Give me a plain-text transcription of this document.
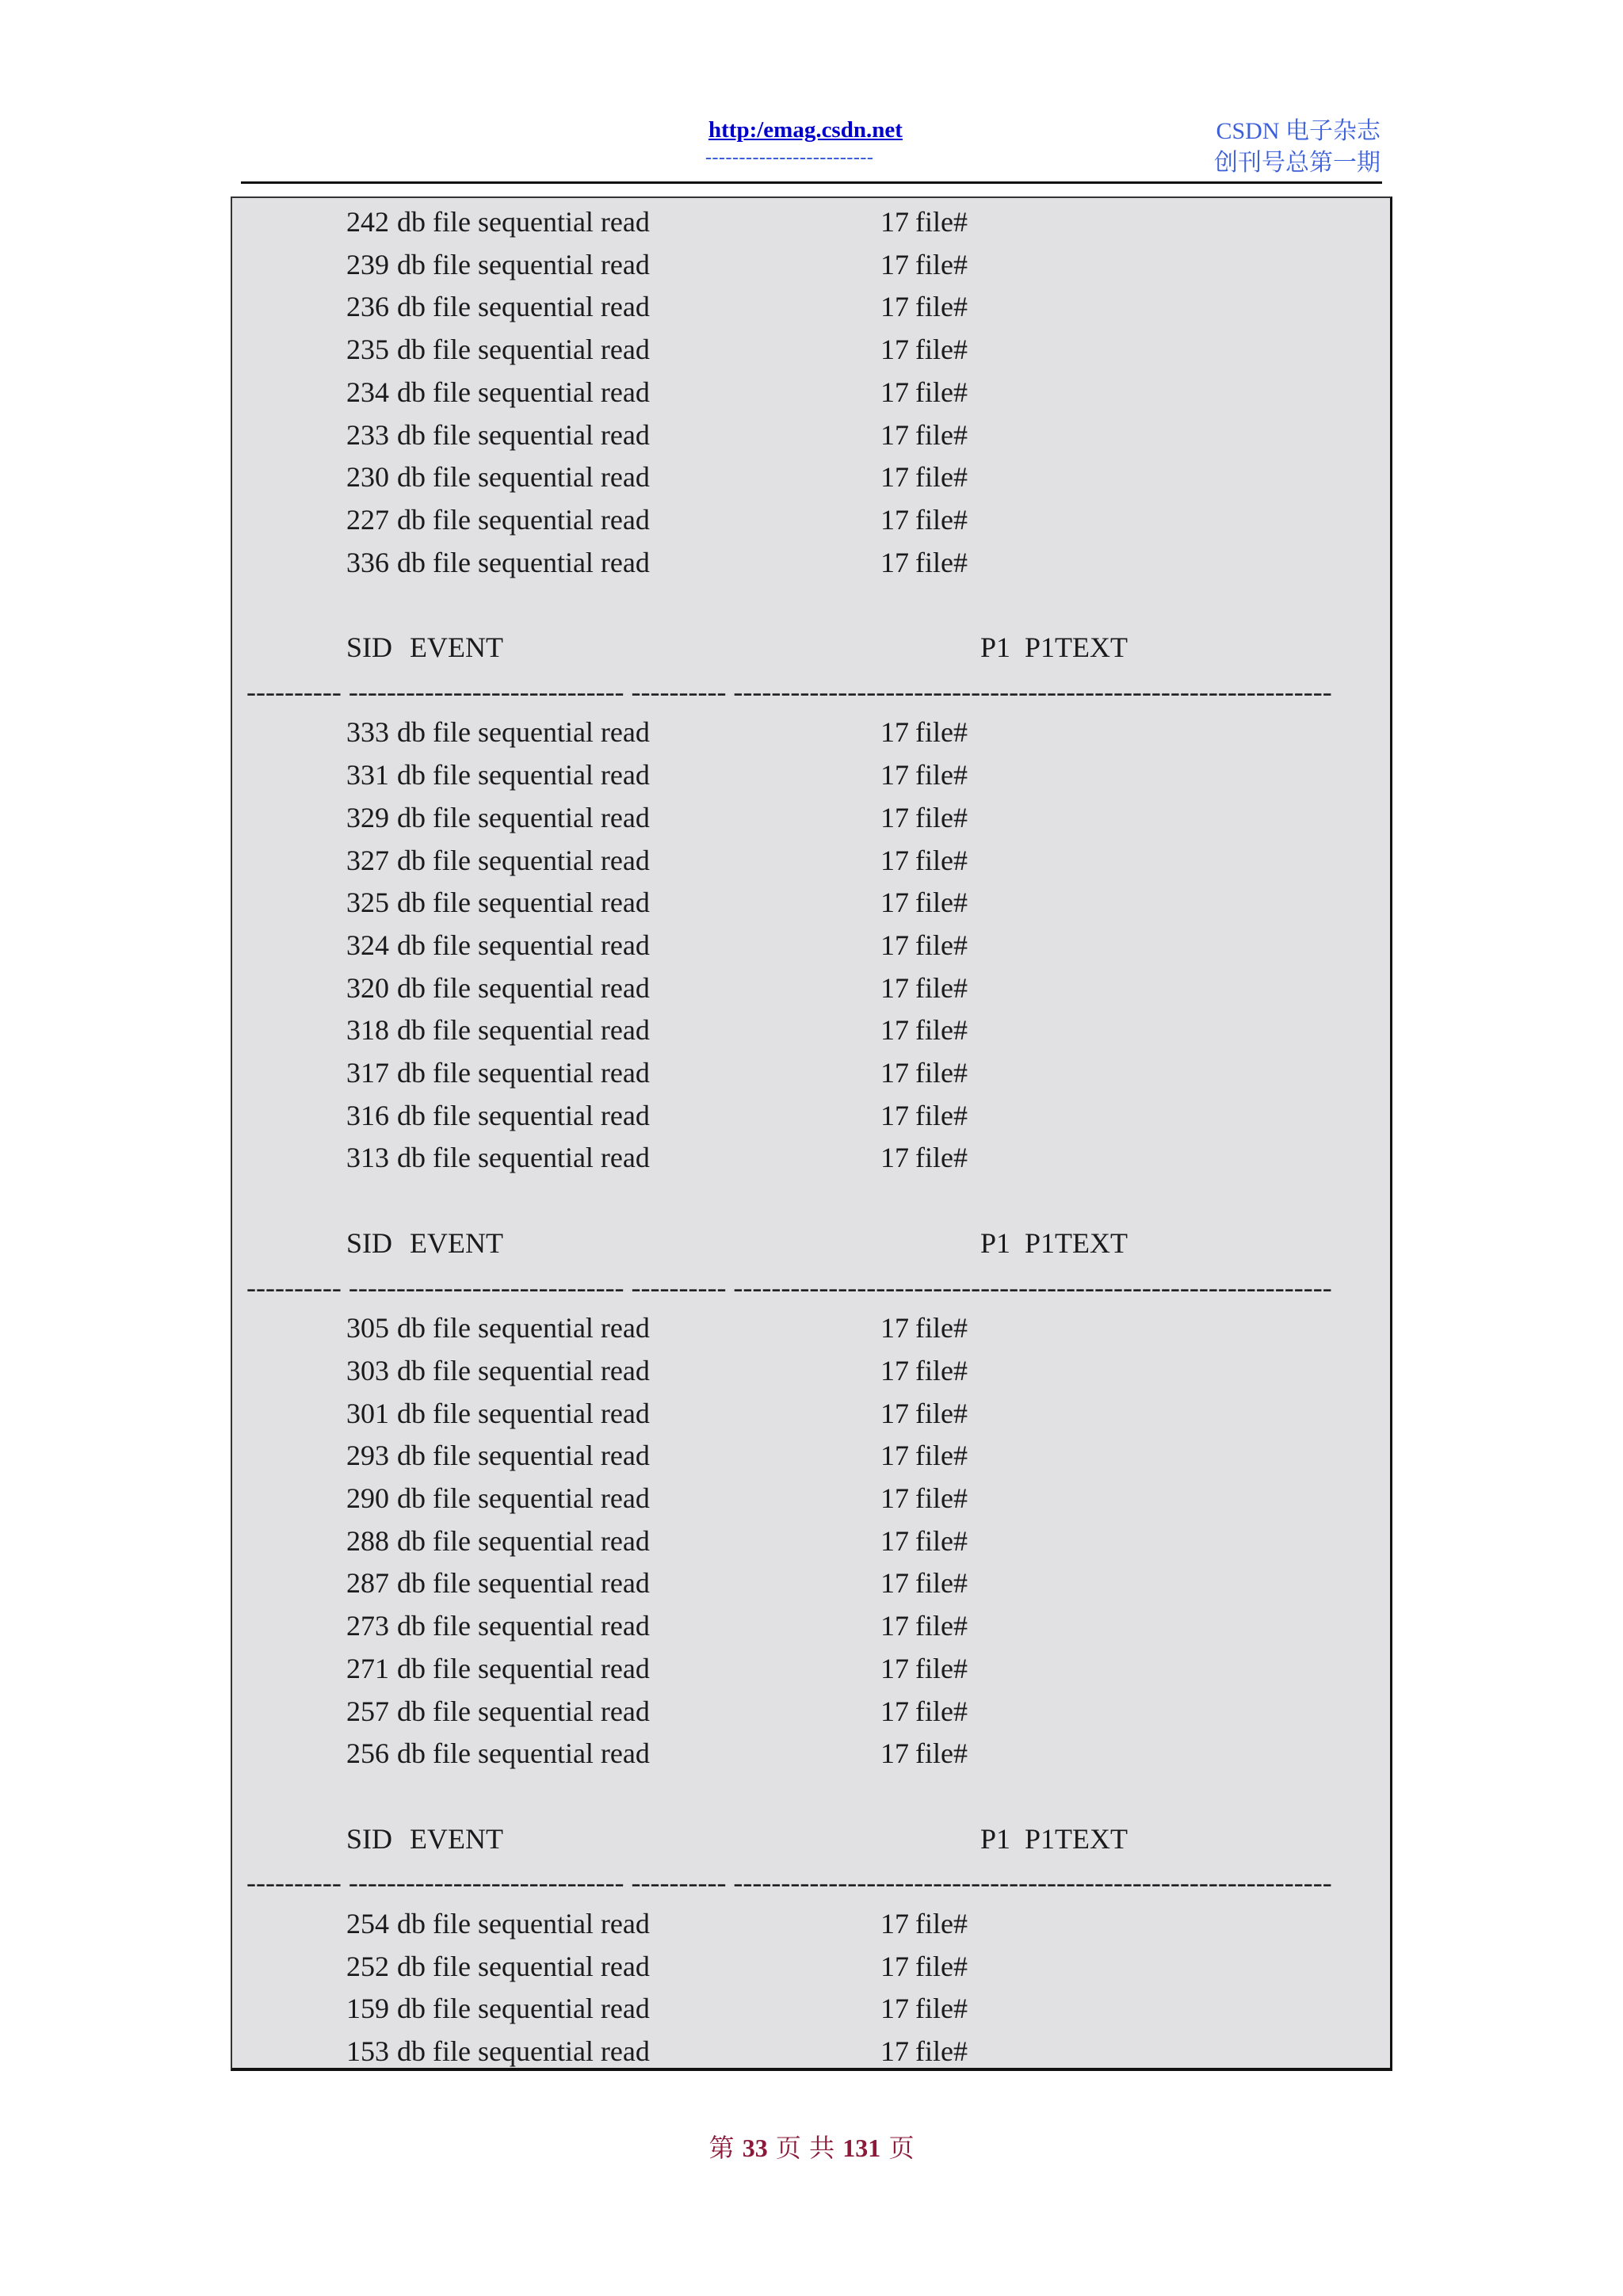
http:/emag.csdn.net
-------------------------
CSDN 电子杂志
创刊号总第一期
242 db file sequential read	17 file#
239 db file sequential read	17 file#
236 db file sequential read	17 file#
235 db file sequential read	17 file#
234 db file sequential read	17 file#
233 db file sequential read	17 file#
230 db file sequential read	17 file#
227 db file sequential read	17 file#
336 db file sequential read	17 file#
SID EVENT	P1 P1TEXT
---------- ----------------------------- ---------- ---------------------------------------------------------------
333 db file sequential read	17 file#
331 db file sequential read	17 file#
329 db file sequential read	17 file#
327 db file sequential read	17 file#
325 db file sequential read	17 file#
324 db file sequential read	17 file#
320 db file sequential read	17 file#
318 db file sequential read	17 file#
317 db file sequential read	17 file#
316 db file sequential read	17 file#
313 db file sequential read	17 file#
SID EVENT	P1 P1TEXT
---------- ----------------------------- ---------- ---------------------------------------------------------------
305 db file sequential read	17 file#
303 db file sequential read	17 file#
301 db file sequential read	17 file#
293 db file sequential read	17 file#
290 db file sequential read	17 file#
288 db file sequential read	17 file#
287 db file sequential read	17 file#
273 db file sequential read	17 file#
271 db file sequential read	17 file#
257 db file sequential read	17 file#
256 db file sequential read	17 file#
SID EVENT	P1 P1TEXT
---------- ----------------------------- ---------- ---------------------------------------------------------------
254 db file sequential read	17 file#
252 db file sequential read	17 file#
159 db file sequential read	17 file#
153 db file sequential read	17 file#
第 33 页 共 131 页
